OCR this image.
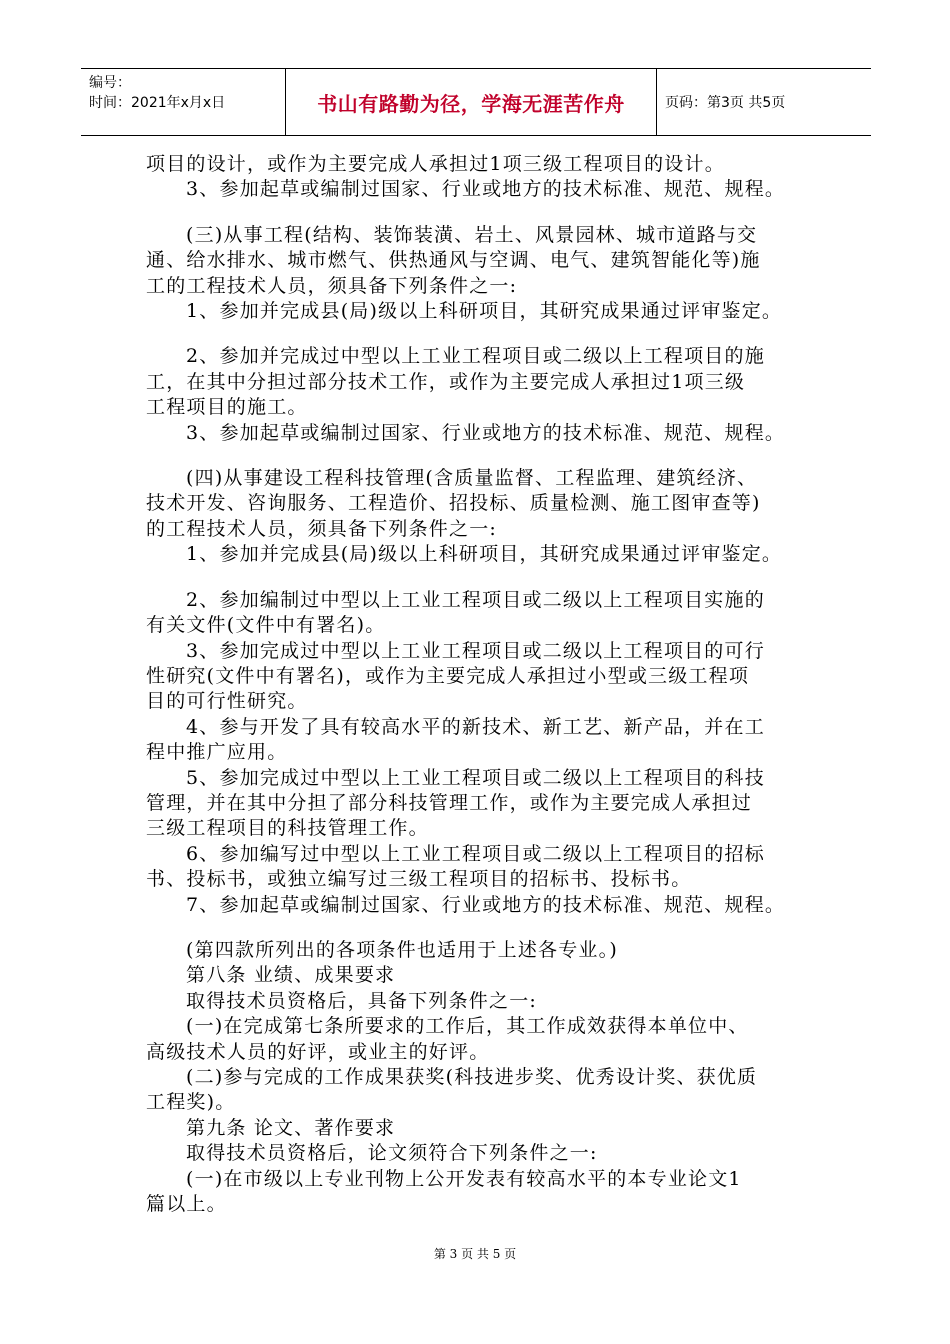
编号：
时间：2021年x月x日	书山有路勤为径，学海无涯苦作舟	页码：第3页 共5页

项目的设计，或作为主要完成人承担过1项三级工程项目的设计。

3、参加起草或编制过国家、行业或地方的技术标准、规范、规程。

(三)从事工程(结构、装饰装潢、岩土、风景园林、城市道路与交

通、给水排水、城市燃气、供热通风与空调、电气、建筑智能化等)施

工的工程技术人员，须具备下列条件之一:

1、参加并完成县(局)级以上科研项目，其研究成果通过评审鉴定。

2、参加并完成过中型以上工业工程项目或二级以上工程项目的施

工，在其中分担过部分技术工作，或作为主要完成人承担过1项三级

工程项目的施工。

3、参加起草或编制过国家、行业或地方的技术标准、规范、规程。

(四)从事建设工程科技管理(含质量监督、工程监理、建筑经济、

技术开发、咨询服务、工程造价、招投标、质量检测、施工图审查等)

的工程技术人员，须具备下列条件之一:

1、参加并完成县(局)级以上科研项目，其研究成果通过评审鉴定。

2、参加编制过中型以上工业工程项目或二级以上工程项目实施的

有关文件(文件中有署名)。

3、参加完成过中型以上工业工程项目或二级以上工程项目的可行

性研究(文件中有署名)，或作为主要完成人承担过小型或三级工程项

目的可行性研究。

4、参与开发了具有较高水平的新技术、新工艺、新产品，并在工

程中推广应用。

5、参加完成过中型以上工业工程项目或二级以上工程项目的科技

管理，并在其中分担了部分科技管理工作，或作为主要完成人承担过

三级工程项目的科技管理工作。

6、参加编写过中型以上工业工程项目或二级以上工程项目的招标

书、投标书，或独立编写过三级工程项目的招标书、投标书。

7、参加起草或编制过国家、行业或地方的技术标准、规范、规程。

(第四款所列出的各项条件也适用于上述各专业。)

第八条 业绩、成果要求

取得技术员资格后，具备下列条件之一:

(一)在完成第七条所要求的工作后，其工作成效获得本单位中、

高级技术人员的好评，或业主的好评。

(二)参与完成的工作成果获奖(科技进步奖、优秀设计奖、获优质

工程奖)。

第九条 论文、著作要求

取得技术员资格后，论文须符合下列条件之一:

(一)在市级以上专业刊物上公开发表有较高水平的本专业论文1

篇以上。

第 3 页 共 5 页
